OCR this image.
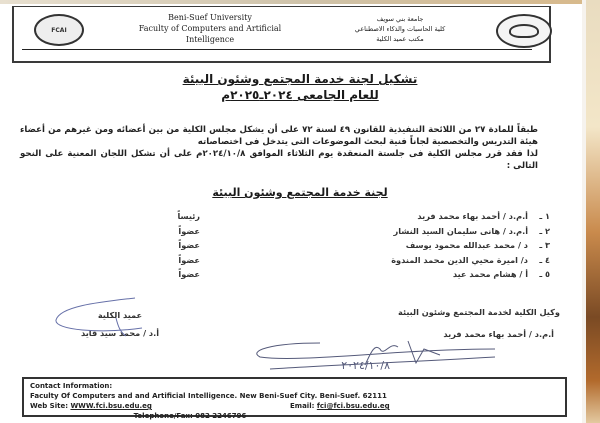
FCAI
Beni-Suef University
Faculty of Computers and Artificial
Intelligence
جامعة بني سويف
كلية الحاسبات والذكاء الاصطناعي
مكتب عميد الكلية
تشكيل لجنة خدمة المجتمع وشئون البيئة
للعام الجامعى ٢٠٢٤ـ٢٠٢٥م

طبقاً للمادة ٢٧ من اللائحة التنفيذية للقانون ٤٩ لسنة ٧٢ على أن يشكل مجلس الكلية من بين أعضائه ومن غيرهم من أعضاء هيئة التدريس والتخصصية لجاناً فنية لبحث الموضوعات التى يتدخل فى اختصاصاته

لذا فقد قرر مجلس الكلية فى جلستة المنعقدة يوم الثلاثاء الموافق ٢٠٢٤/١٠/٨م على أن تشكل اللجان المعنية على النحو التالى :

لجنة خدمة المجتمع وشئون البيئة
١ ـأ.م.د / أحمد بهاء محمد فريد
رئيساً
٢ ـأ.م.د / هانى سليمان السيد النشار
عضواً
٣ ـد / محمد عبدالله محمود يوسف
عضواً
٤ ـد/ اميرة محيي الدين محمد المندوة
عضواً
٥ ـأ / هشام محمد عيد
عضواً
وكيل الكلية لخدمة المجتمع وشئون البيئة
أ.م.د / أحمد بهاء محمد فريد
عميد الكلية
أ.د / محمد سيد قايد
٢٠٢٤/١٠/٨
Contact Information:
Faculty Of Computers and and Artificial Intelligence. New Beni-Suef City. Beni-Suef. 62111
Web Site: WWW.fci.bsu.edu.eg	Email: fci@fci.bsu.edu.eg
Telephone/Fax: 082 2246796
